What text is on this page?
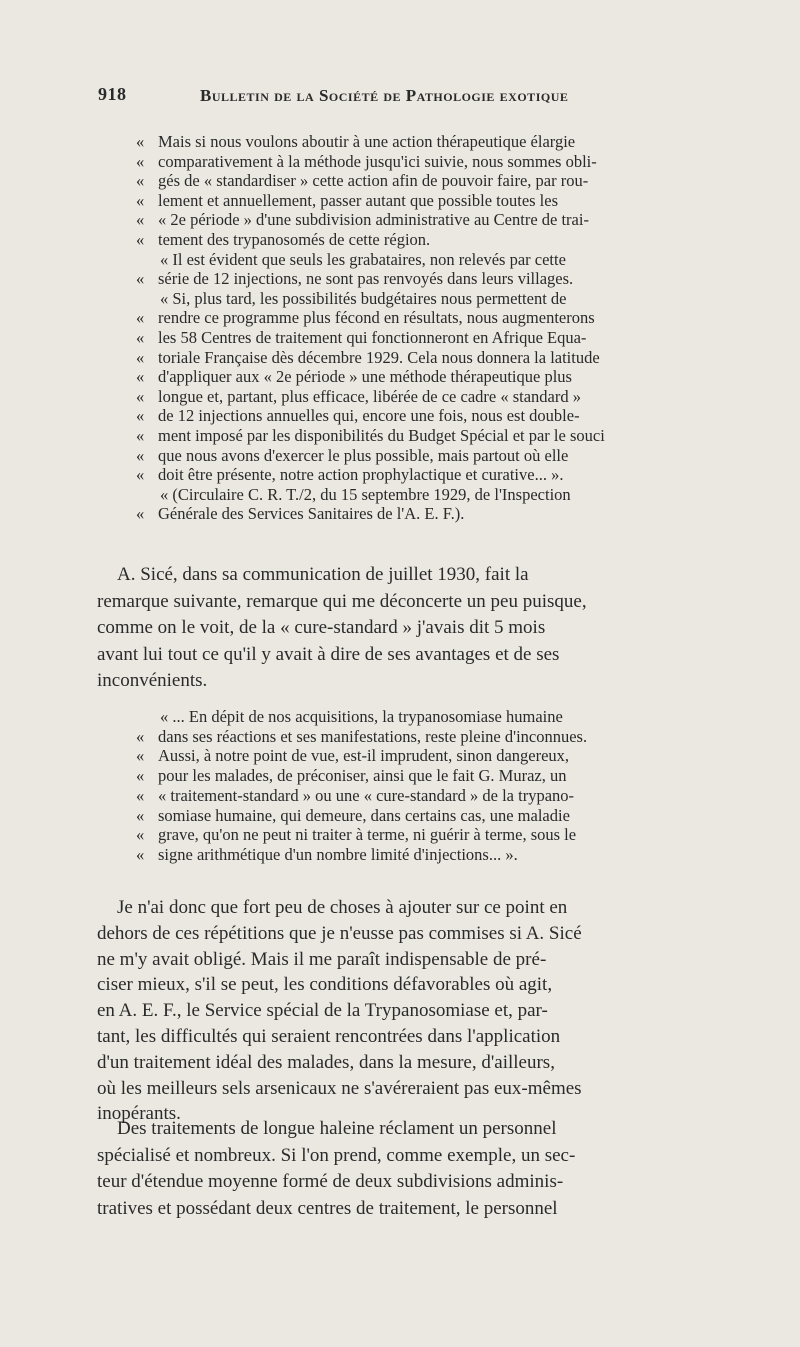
918	Bulletin de la Société de Pathologie exotique
« Mais si nous voulons aboutir à une action thérapeutique élargie
« comparativement à la méthode jusqu'ici suivie, nous sommes obli-
« gés de « standardiser » cette action afin de pouvoir faire, par rou-
« lement et annuellement, passer autant que possible toutes les
« « 2e période » d'une subdivision administrative au Centre de trai-
« tement des trypanosomés de cette région.
« Il est évident que seuls les grabataires, non relevés par cette
« série de 12 injections, ne sont pas renvoyés dans leurs villages.
« Si, plus tard, les possibilités budgétaires nous permettent de
« rendre ce programme plus fécond en résultats, nous augmenterons
« les 58 Centres de traitement qui fonctionneront en Afrique Equa-
« toriale Française dès décembre 1929. Cela nous donnera la latitude
« d'appliquer aux « 2e période » une méthode thérapeutique plus
« longue et, partant, plus efficace, libérée de ce cadre « standard »
« de 12 injections annuelles qui, encore une fois, nous est double-
« ment imposé par les disponibilités du Budget Spécial et par le souci
« que nous avons d'exercer le plus possible, mais partout où elle
« doit être présente, notre action prophylactique et curative... ».
« (Circulaire C. R. T./2, du 15 septembre 1929, de l'Inspection
« Générale des Services Sanitaires de l'A. E. F.).
A. Sicé, dans sa communication de juillet 1930, fait la
remarque suivante, remarque qui me déconcerte un peu puisque,
comme on le voit, de la « cure-standard » j'avais dit 5 mois
avant lui tout ce qu'il y avait à dire de ses avantages et de ses
inconvénients.
« ... En dépit de nos acquisitions, la trypanosomiase humaine
« dans ses réactions et ses manifestations, reste pleine d'inconnues.
« Aussi, à notre point de vue, est-il imprudent, sinon dangereux,
« pour les malades, de préconiser, ainsi que le fait G. Muraz, un
« « traitement-standard » ou une « cure-standard » de la trypano-
« somiase humaine, qui demeure, dans certains cas, une maladie
« grave, qu'on ne peut ni traiter à terme, ni guérir à terme, sous le
« signe arithmétique d'un nombre limité d'injections... ».
Je n'ai donc que fort peu de choses à ajouter sur ce point en
dehors de ces répétitions que je n'eusse pas commises si A. Sicé
ne m'y avait obligé. Mais il me paraît indispensable de pré-
ciser mieux, s'il se peut, les conditions défavorables où agit,
en A. E. F., le Service spécial de la Trypanosomiase et, par-
tant, les difficultés qui seraient rencontrées dans l'application
d'un traitement idéal des malades, dans la mesure, d'ailleurs,
où les meilleurs sels arsenicaux ne s'avéreraient pas eux-mêmes
inopérants.
Des traitements de longue haleine réclament un personnel
spécialisé et nombreux. Si l'on prend, comme exemple, un sec-
teur d'étendue moyenne formé de deux subdivisions adminis-
tratives et possédant deux centres de traitement, le personnel
